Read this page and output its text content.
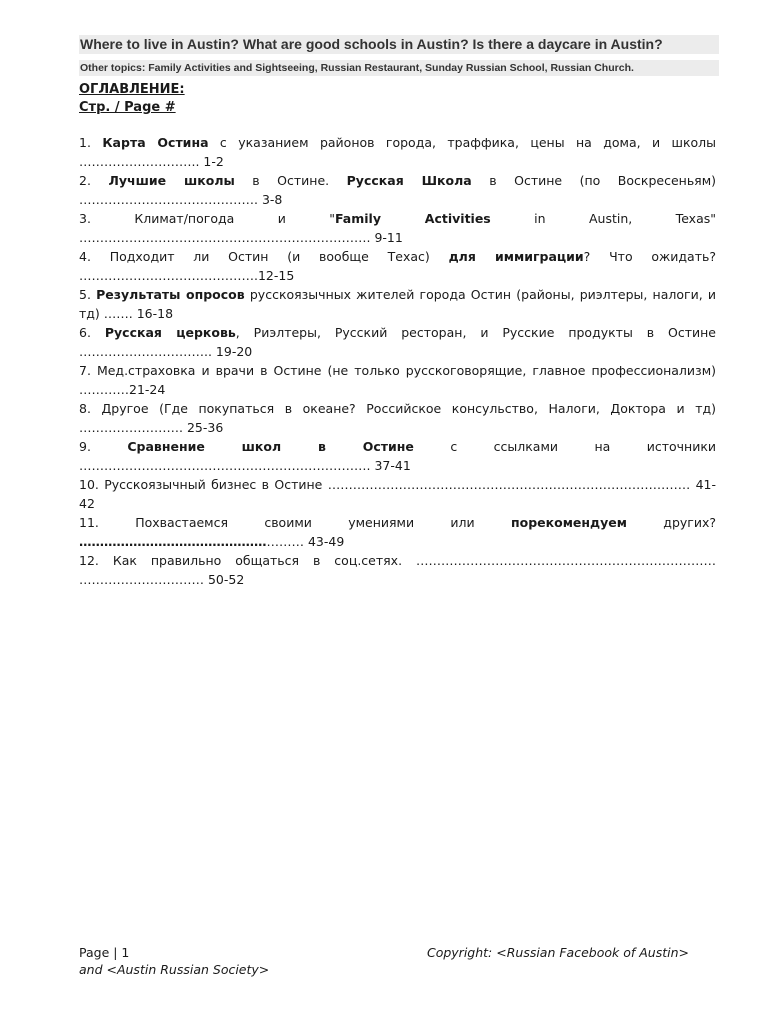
Where to live in Austin? What are good schools in Austin? Is there a daycare in Austin?
Other topics: Family Activities and Sightseeing, Russian Restaurant, Sunday Russian School, Russian Church.
ОГЛАВЛЕНИЕ:
Стр. / Page #
1. Карта Остина с указанием районов города, траффика, цены на дома, и школы ……………………….. 1-2
2. Лучшие школы в Остине. Русская Школа в Остине (по Воскресеньям) ……………………………………. 3-8
3. Климат/погода и "Family Activities in Austin, Texas" ……………………………………………………………. 9-11
4. Подходит ли Остин (и вообще Техас) для иммиграции? Что ожидать? …………………………………….12-15
5. Результаты опросов русскоязычных жителей города Остин (районы, риэлтеры, налоги, и тд) ……. 16-18
6. Русская церковь, Риэлтеры, Русский ресторан, и Русские продукты в Остине ………………………….. 19-20
7. Мед.страховка и врачи в Остине (не только русскоговорящие, главное профессионализм) …………21-24
8. Другое (Где покупаться в океане? Российское консульство, Налоги, Доктора и тд) ……………………. 25-36
9. Сравнение школ в Остине с ссылками на источники ……………………………………………………………. 37-41
10. Русскоязычный бизнес в Остине …………………………………………………………………………… 41-42
11. Похвастаемся своими умениями или порекомендуем других? ……………………………………………… 43-49
12. Как правильно общаться в соц.сетях. ……………………………………………………………… ………………………… 50-52
Page | 1	Copyright: <Russian Facebook of Austin>
and <Austin Russian Society>
